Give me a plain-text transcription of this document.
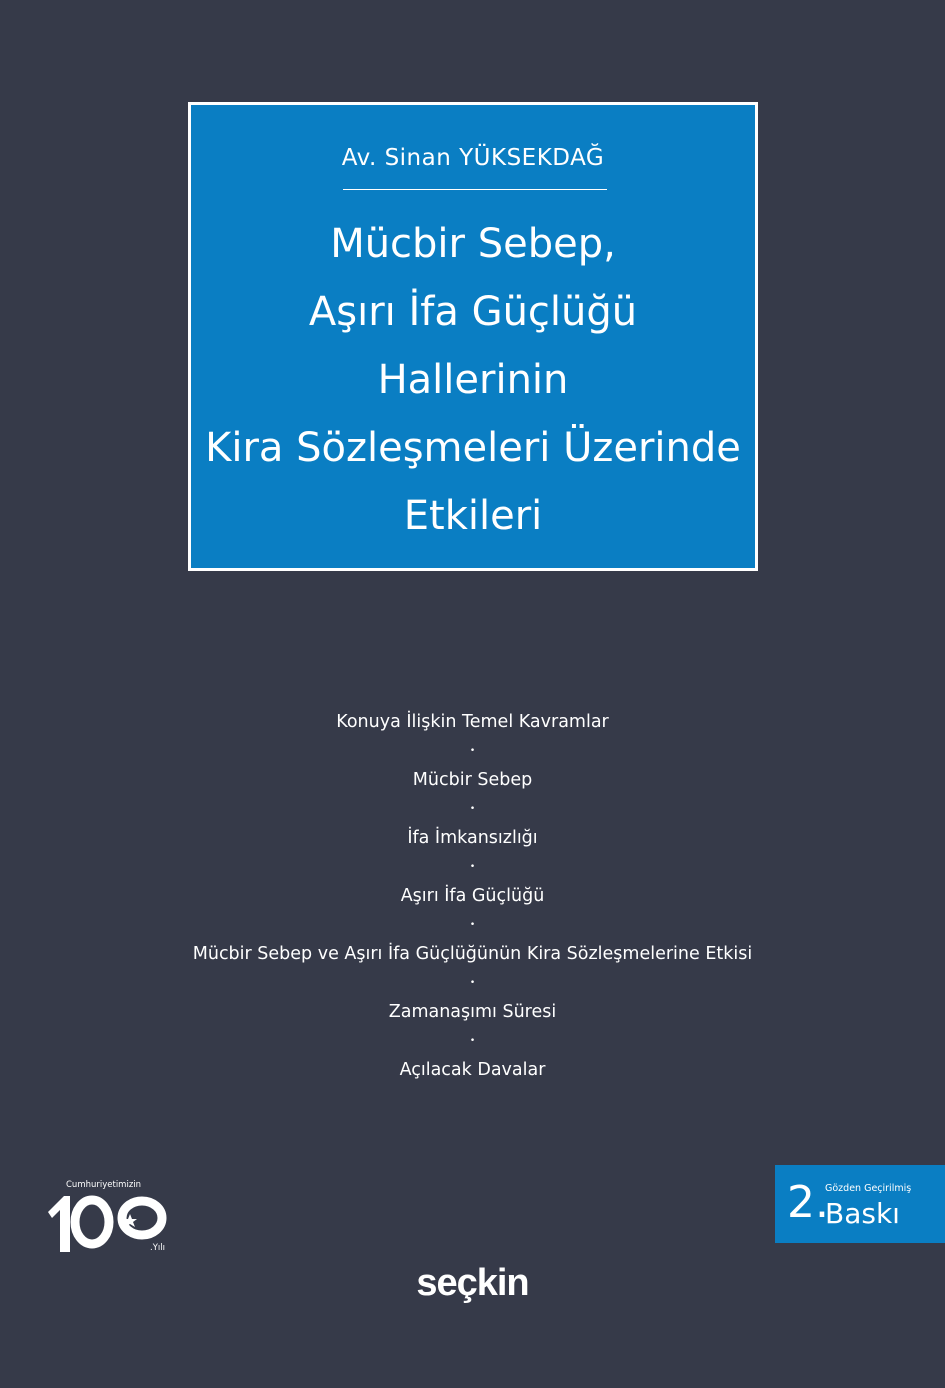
Av. Sinan YÜKSEKDAĞ
Mücbir Sebep,
Aşırı İfa Güçlüğü
Hallerinin
Kira Sözleşmeleri Üzerinde
Etkileri
Konuya İlişkin Temel Kavramlar
•
Mücbir Sebep
•
İfa İmkansızlığı
•
Aşırı İfa Güçlüğü
•
Mücbir Sebep ve Aşırı İfa Güçlüğünün Kira Sözleşmelerine Etkisi
•
Zamanaşımı Süresi
•
Açılacak Davalar
Cumhuriyetimizin
.Yılı
2.
Gözden Geçirilmiş
Baskı
seçkin
